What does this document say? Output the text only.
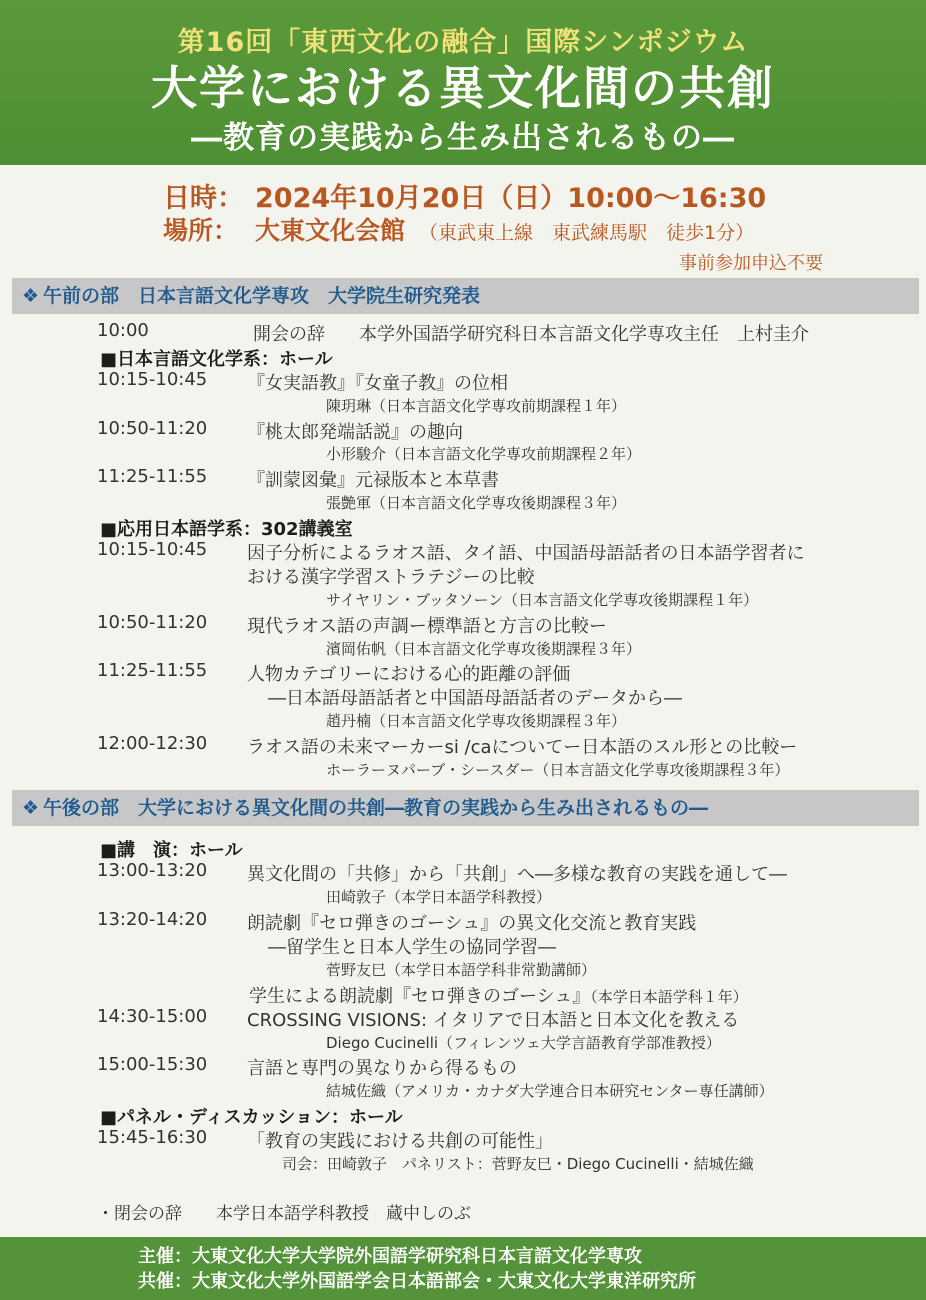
第16回「東西文化の融合」国際シンポジウム
大学における異文化間の共創
―教育の実践から生み出されるもの―
日時： 2024年10月20日（日）10:00〜16:30
場所： 大東文化会館 （東武東上線　東武練馬駅　徒歩1分）
事前参加申込不要
❖ 午前の部　日本言語文化学専攻　大学院生研究発表
10:00	開会の辞 本学外国語学研究科日本言語文化学専攻主任　上村圭介
■日本言語文化学系：ホール
10:15-10:45 『女実語教』『女童子教』の位相
陳玥琳（日本言語文化学専攻前期課程１年）
10:50-11:20 『桃太郎発端話説』の趣向
小形駿介（日本言語文化学専攻前期課程２年）
11:25-11:55 『訓蒙図彙』元禄版本と本草書
張艶軍（日本言語文化学専攻後期課程３年）
■応用日本語学系：302講義室
10:15-10:45 因子分析によるラオス語、タイ語、中国語母語話者の日本語学習者に
おける漢字学習ストラテジーの比較
サイヤリン・ブッタソーン（日本言語文化学専攻後期課程１年）
10:50-11:20 現代ラオス語の声調ー標準語と方言の比較ー
濱岡佑帆（日本言語文化学専攻後期課程３年）
11:25-11:55 人物カテゴリーにおける心的距離の評価
―日本語母語話者と中国語母語話者のデータから―
趙丹楠（日本言語文化学専攻後期課程３年）
12:00-12:30 ラオス語の未来マーカーsi /caについてー日本語のスル形との比較ー
ホーラーヌパーブ・シースダー（日本言語文化学専攻後期課程３年）
❖ 午後の部　大学における異文化間の共創―教育の実践から生み出されるもの―
■講　演：ホール
13:00-13:20 異文化間の「共修」から「共創」へ―多様な教育の実践を通して―
田崎敦子（本学日本語学科教授）
13:20-14:20 朗読劇『セロ弾きのゴーシュ』の異文化交流と教育実践
―留学生と日本人学生の協同学習―
菅野友巳（本学日本語学科非常勤講師）
学生による朗読劇『セロ弾きのゴーシュ』（本学日本語学科１年）
14:30-15:00 CROSSING VISIONS: イタリアで日本語と日本文化を教える
Diego Cucinelli（フィレンツェ大学言語教育学部准教授）
15:00-15:30 言語と専門の異なりから得るもの
結城佐織（アメリカ・カナダ大学連合日本研究センター専任講師）
■パネル・ディスカッション：ホール
15:45-16:30 「教育の実践における共創の可能性」
司会：田崎敦子　パネリスト：菅野友巳・Diego Cucinelli・結城佐織
・閉会の辞　　本学日本語学科教授　蔵中しのぶ
主催：大東文化大学大学院外国語学研究科日本言語文化学専攻
共催：大東文化大学外国語学会日本語部会・大東文化大学東洋研究所
